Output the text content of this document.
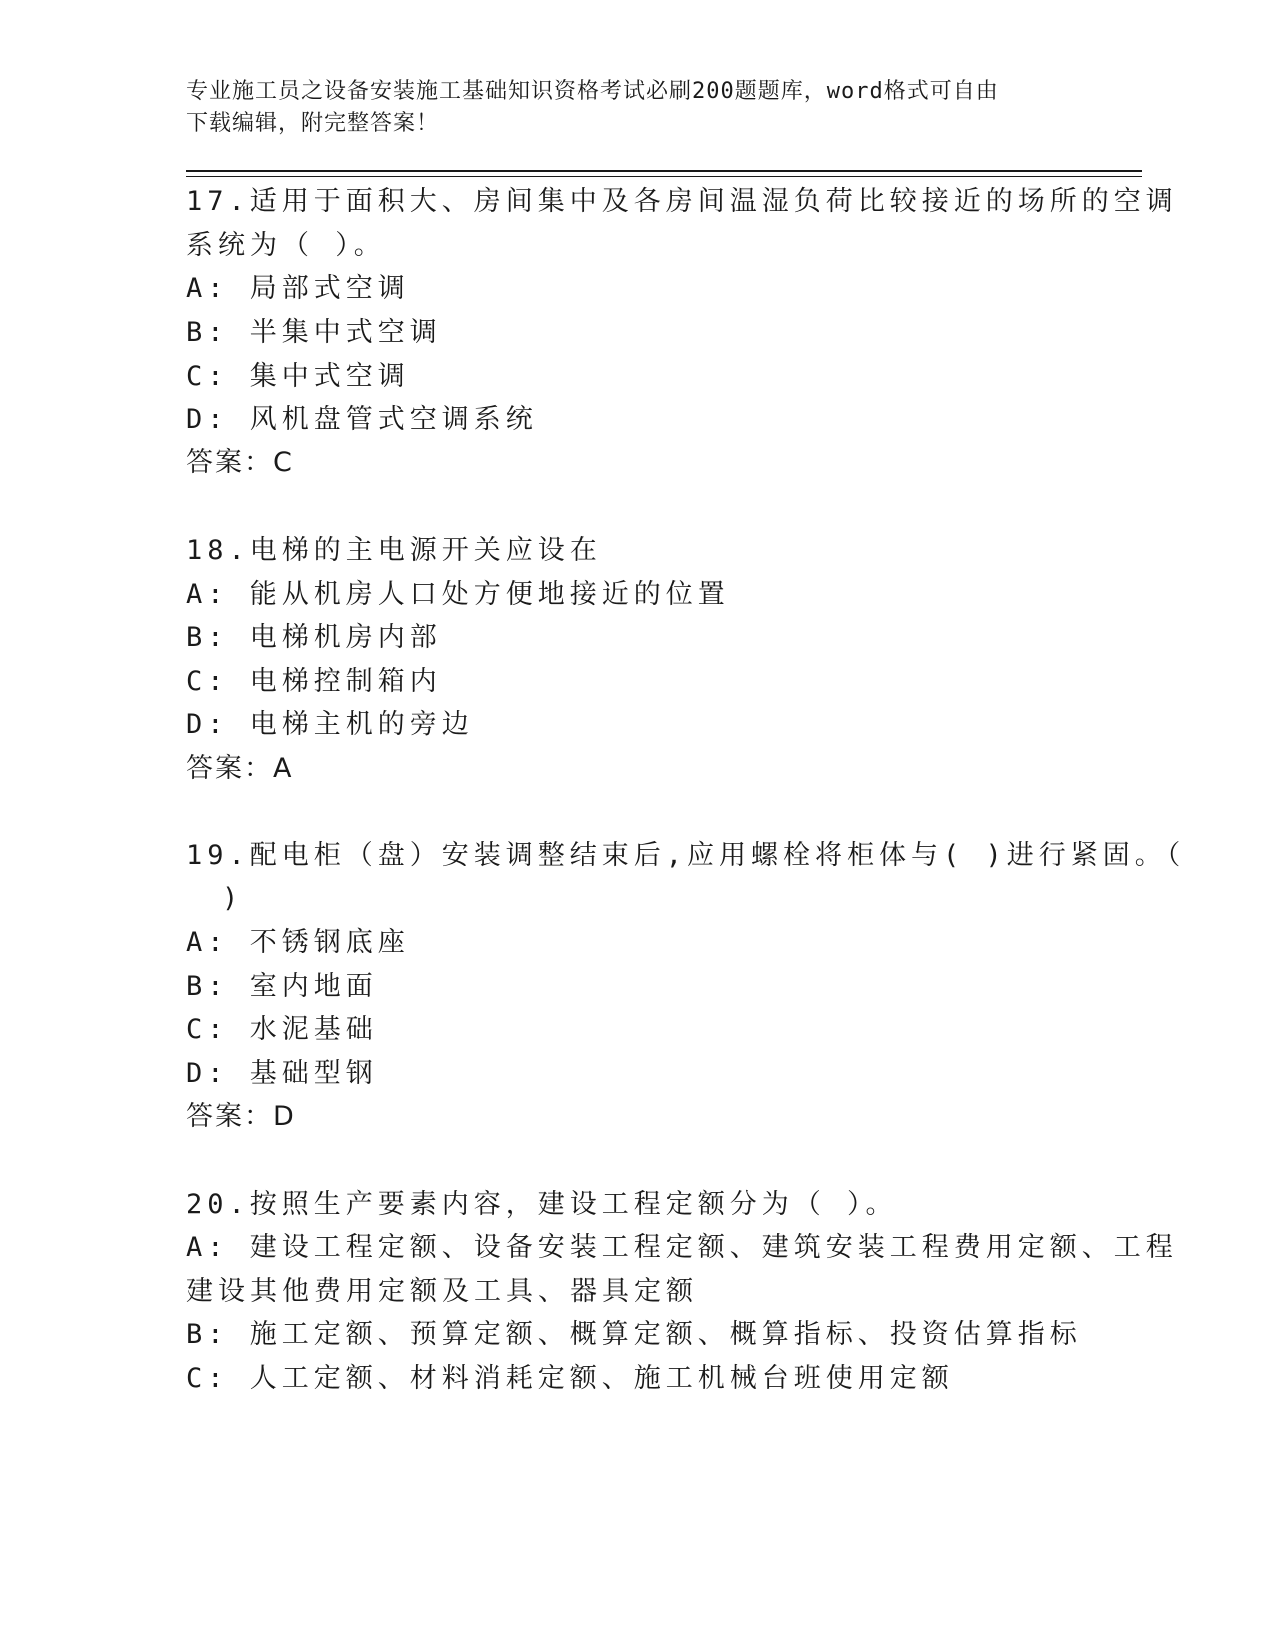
专业施工员之设备安装施工基础知识资格考试必刷200题题库，word格式可自由
下载编辑，附完整答案！
17.适用于面积大、房间集中及各房间温湿负荷比较接近的场所的空调
系统为（ ）。
A: 局部式空调
B: 半集中式空调
C: 集中式空调
D: 风机盘管式空调系统
答案：C
18.电梯的主电源开关应设在
A: 能从机房人口处方便地接近的位置
B: 电梯机房内部
C: 电梯控制箱内
D: 电梯主机的旁边
答案：A
19.配电柜（盘）安装调整结束后,应用螺栓将柜体与( )进行紧固。（
)
A: 不锈钢底座
B: 室内地面
C: 水泥基础
D: 基础型钢
答案：D
20.按照生产要素内容，建设工程定额分为（ ）。
A: 建设工程定额、设备安装工程定额、建筑安装工程费用定额、工程
建设其他费用定额及工具、器具定额
B: 施工定额、预算定额、概算定额、概算指标、投资估算指标
C: 人工定额、材料消耗定额、施工机械台班使用定额
